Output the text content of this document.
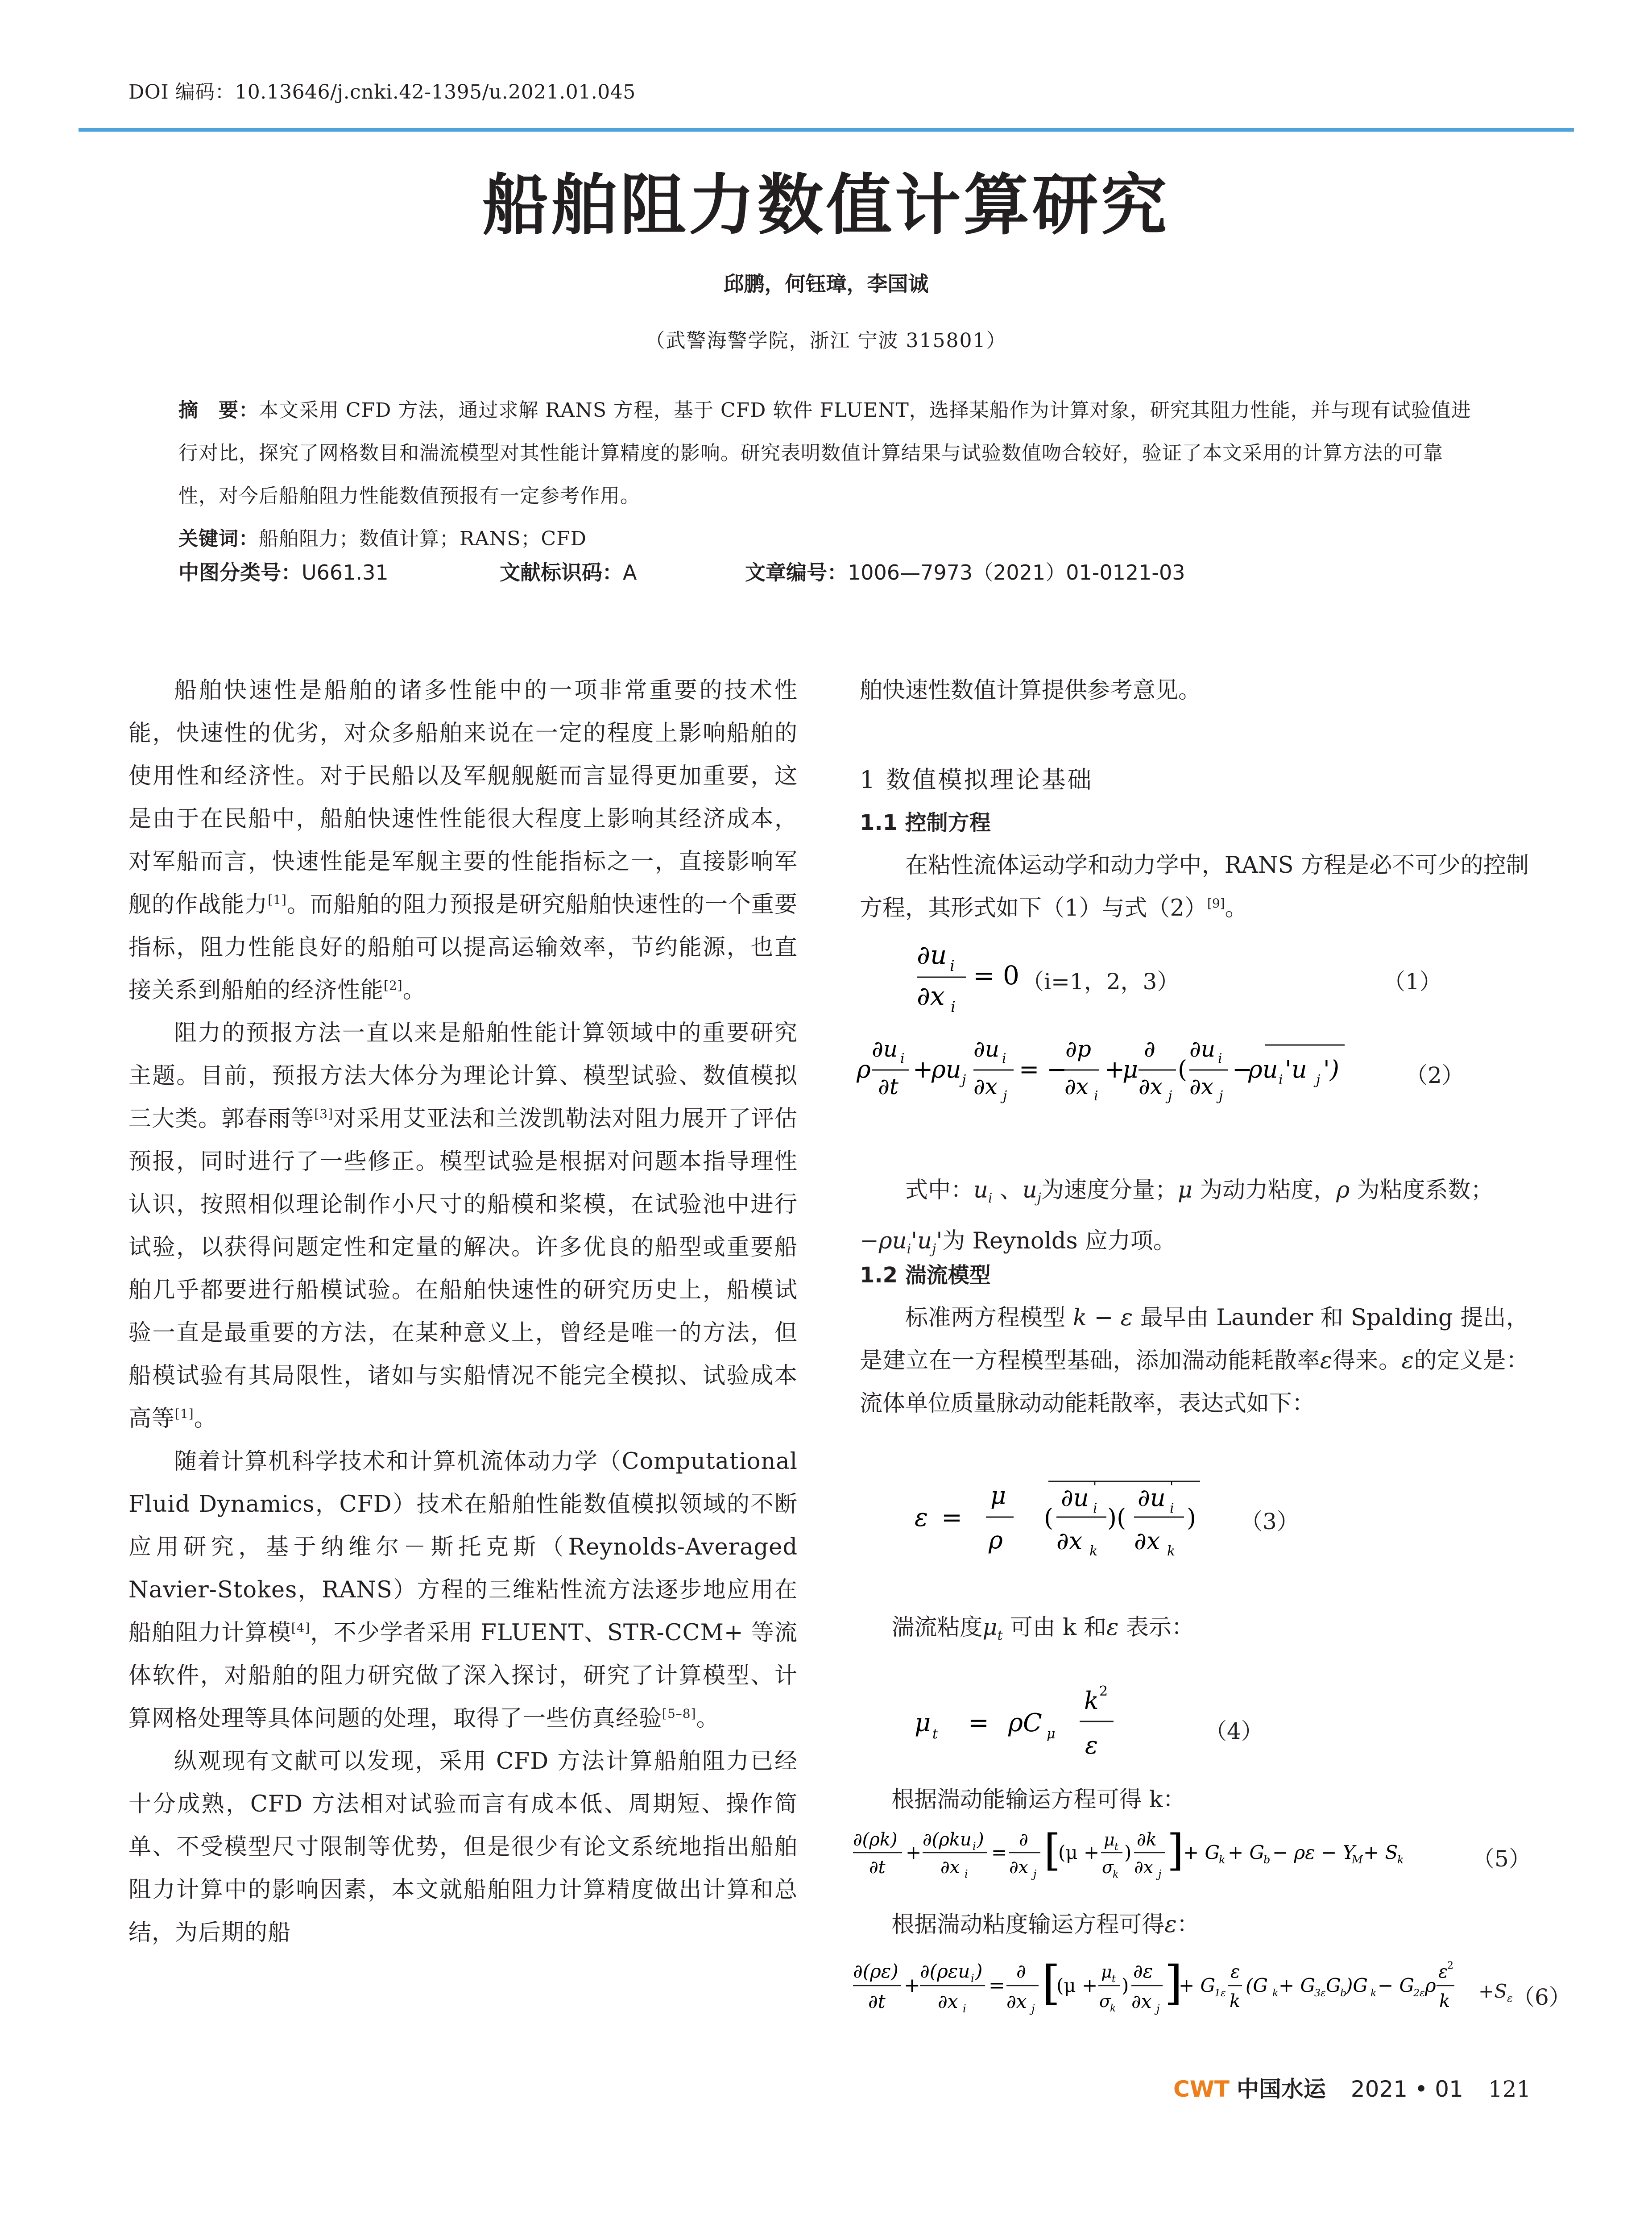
DOI 编码：10.13646/j.cnki.42-1395/u.2021.01.045
船舶阻力数值计算研究
邱鹏，何钰璋，李国诚
（武警海警学院，浙江 宁波 315801）
摘　要：本文采用 CFD 方法，通过求解 RANS 方程，基于 CFD 软件 FLUENT，选择某船作为计算对象，研究其阻力性能，并与现有试验值进行对比，探究了网格数目和湍流模型对其性能计算精度的影响。研究表明数值计算结果与试验数值吻合较好，验证了本文采用的计算方法的可靠性，对今后船舶阻力性能数值预报有一定参考作用。
关键词：船舶阻力；数值计算；RANS；CFD
中图分类号：U661.31	文献标识码：A	文章编号：1006—7973（2021）01-0121-03

船舶快速性是船舶的诸多性能中的一项非常重要的技术性能，快速性的优劣，对众多船舶来说在一定的程度上影响船舶的使用性和经济性。对于民船以及军舰舰艇而言显得更加重要，这是由于在民船中，船舶快速性性能很大程度上影响其经济成本，对军船而言，快速性能是军舰主要的性能指标之一，直接影响军舰的作战能力[1]。而船舶的阻力预报是研究船舶快速性的一个重要指标，阻力性能良好的船舶可以提高运输效率，节约能源，也直接关系到船舶的经济性能[2]。

阻力的预报方法一直以来是船舶性能计算领域中的重要研究主题。目前，预报方法大体分为理论计算、模型试验、数值模拟三大类。郭春雨等[3]对采用艾亚法和兰泼凯勒法对阻力展开了评估预报，同时进行了一些修正。模型试验是根据对问题本指导理性认识，按照相似理论制作小尺寸的船模和桨模，在试验池中进行试验，以获得问题定性和定量的解决。许多优良的船型或重要船舶几乎都要进行船模试验。在船舶快速性的研究历史上，船模试验一直是最重要的方法，在某种意义上，曾经是唯一的方法，但船模试验有其局限性，诸如与实船情况不能完全模拟、试验成本高等[1]。

随着计算机科学技术和计算机流体动力学（Computational Fluid Dynamics，CFD）技术在船舶性能数值模拟领域的不断应用研究，基于纳维尔－斯托克斯（Reynolds-Averaged Navier-Stokes，RANS）方程的三维粘性流方法逐步地应用在船舶阻力计算模[4]，不少学者采用 FLUENT、STR-CCM+ 等流体软件，对船舶的阻力研究做了深入探讨，研究了计算模型、计算网格处理等具体问题的处理，取得了一些仿真经验[5–8]。

纵观现有文献可以发现，采用 CFD 方法计算船舶阻力已经十分成熟，CFD 方法相对试验而言有成本低、周期短、操作简单、不受模型尺寸限制等优势，但是很少有论文系统地指出船舶阻力计算中的影响因素，本文就船舶阻力计算精度做出计算和总结，为后期的船

舶快速性数值计算提供参考意见。
1 数值模拟理论基础
1.1 控制方程
在粘性流体运动学和动力学中，RANS 方程是必不可少的控制方程，其形式如下（1）与式（2）[9]。
∂u i
∂x i
= 0 （i=1，2，3）	（1）
ρ
∂u i
∂t
+
ρu j
∂u i
∂x j
= −
∂p
∂x i
+
μ
∂
∂x j
(
∂u i
∂x j
−
ρu i 'u j ')	（2）
式中：$u_i$ 、$u_j$为速度分量；μ 为动力粘度，ρ 为粘度系数；$-\rho u_i'u_j'$为 Reynolds 应力项。
1.2 湍流模型
标准两方程模型 k − ε 最早由 Launder 和 Spalding 提出，是建立在一方程模型基础，添加湍动能耗散率ε得来。ε的定义是：流体单位质量脉动动能耗散率，表达式如下：
ε =
μ
ρ
(
∂u i
'
∂x k
)(
∂u i
'
∂x k
) （3）
湍流粘度$\mu_t$ 可由 k 和ε 表示：
μ t = ρC μ
k 2
ε	（4）
根据湍动能输运方程可得 k：
∂(ρk)
∂t
+
∂(ρku i )
∂x i
=
∂
∂x j [
(μ +
μ t
σ
k
)
∂k
∂x j ]
+ G
k + G
b − ρε − Y
M + S
k	（5）
根据湍动粘度输运方程可得ε：
∂(ρε)
∂t
+
∂(ρεu i )
∂x i
=
∂
∂x j [
(μ +
μ t
σ
k
)
∂ε
∂x j ]
+ G
1ε
ε
k
(G k + G
3ε G
b
)G k − G
2ε ρ
ε
2
$k +S_\varepsilon$ （6）
CWT 中国水运 2021 • 01 121
